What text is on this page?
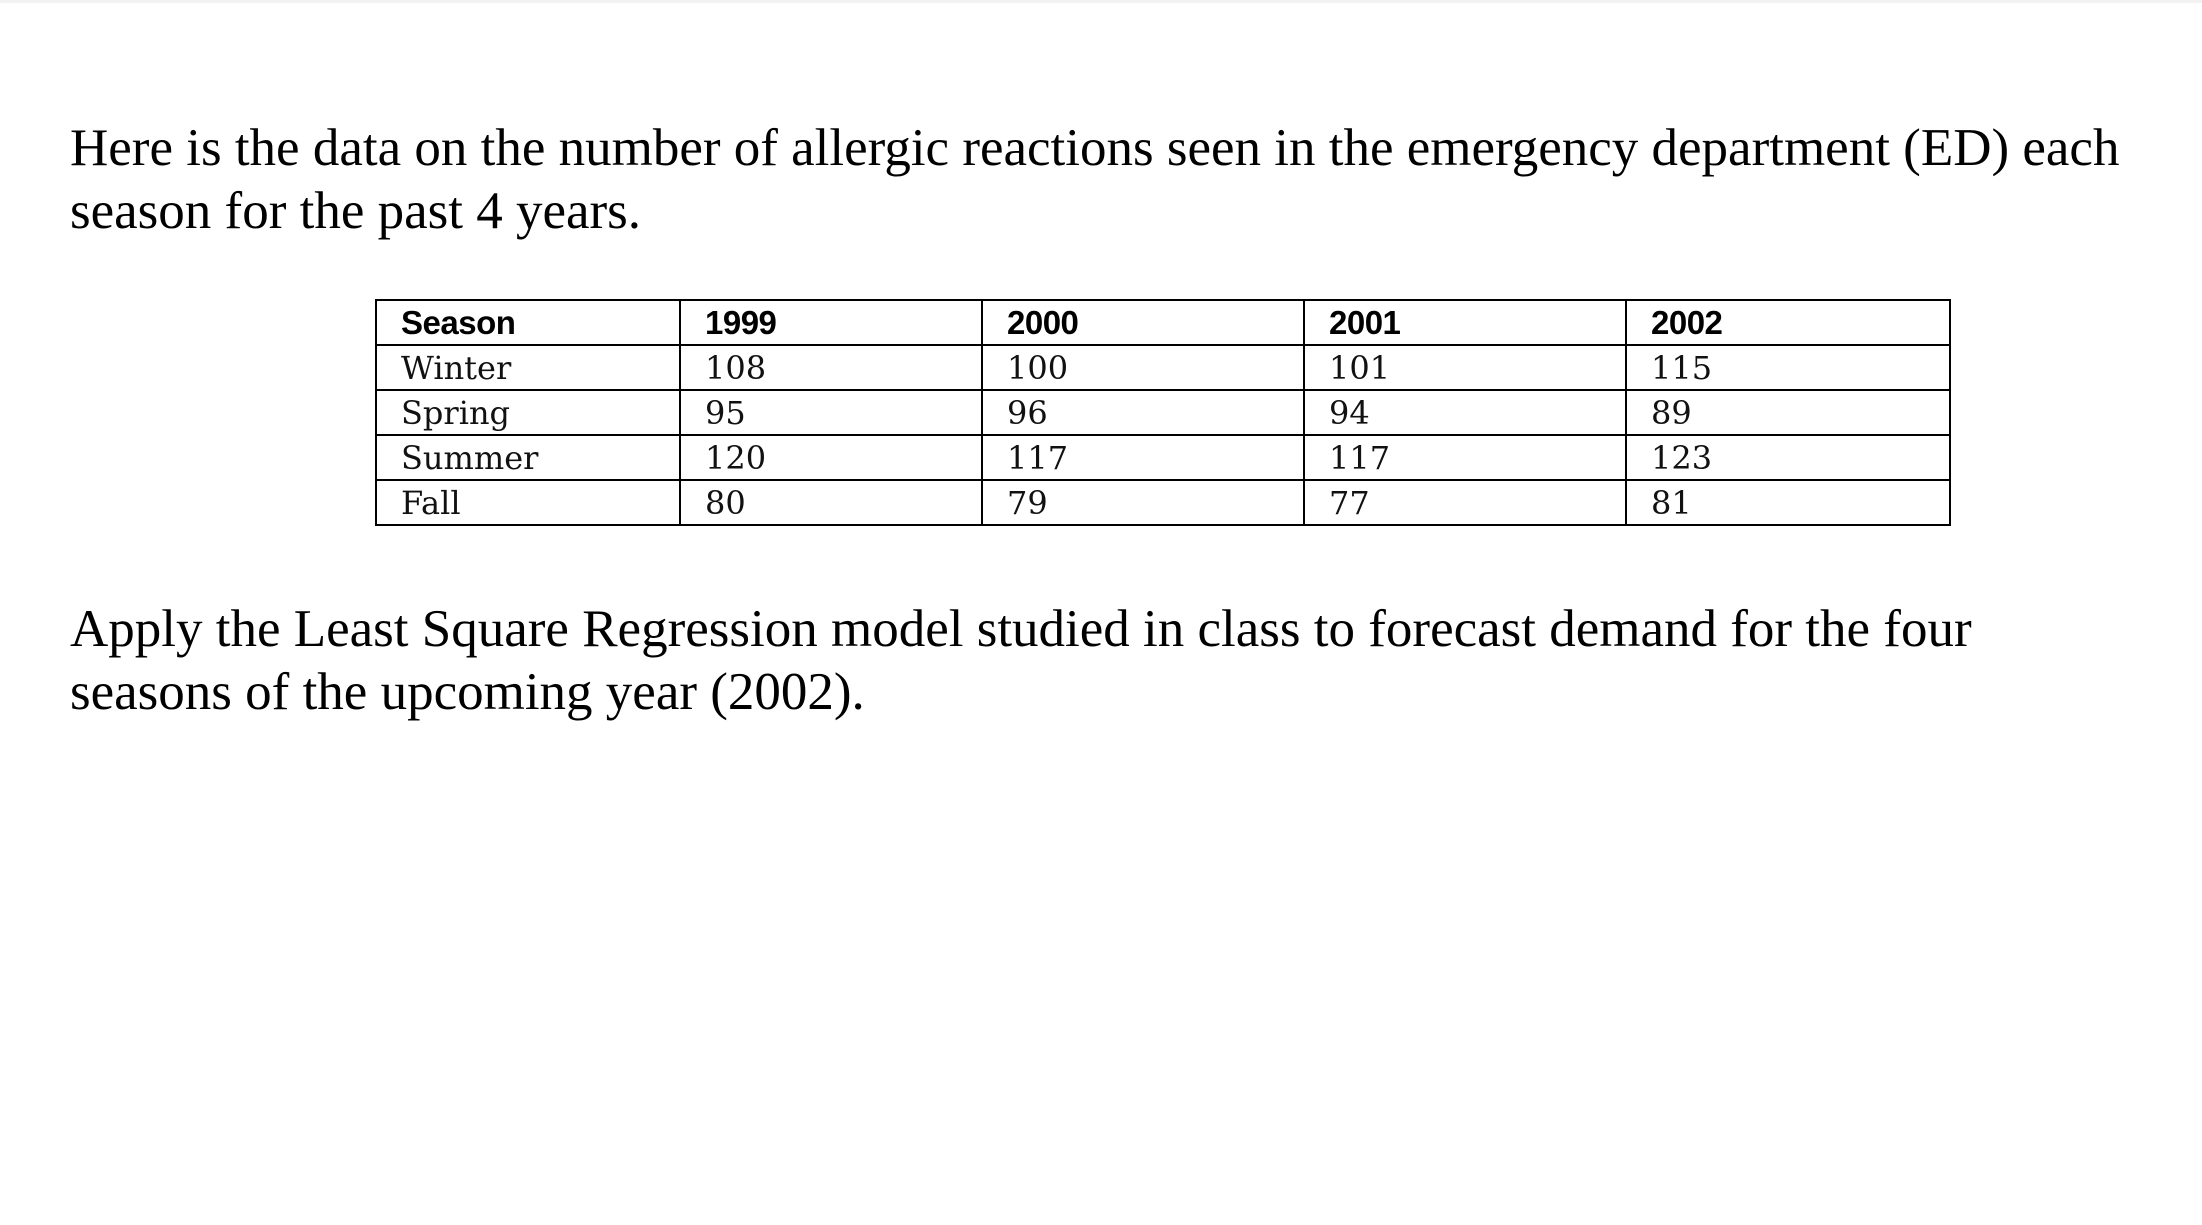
Here is the data on the number of allergic reactions seen in the emergency department (ED) each
season for the past 4 years.

Season	1999	2000	2001	2002
Winter	108	100	101	115
Spring	95	96	94	89
Summer	120	117	117	123
Fall	80	79	77	81

Apply the Least Square Regression model studied in class to forecast demand for the four
seasons of the upcoming year (2002).
